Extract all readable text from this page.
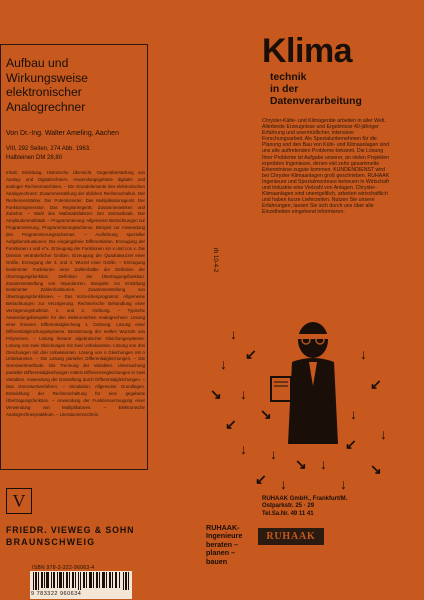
Aufbau und
Wirkungsweise
elektronischer
Analogrechner
Von Dr.-Ing. Walter Ameling, Aachen
VIII, 292 Seiten, 274 Abb. 1963.
Halbleinen DM 28,80
Inhalt: Einleitung. Historische Übersicht. Gegenüberstellung von Analog- und Digitalrechnern. Anwendungsgebiete digitaler und analoger Rechenmaschinen. – Die Grundelemente des elektronischen Analogrechners: Zusammenstellung der üblichen Rechenschaltun. Der Rechenverstärker. Der Potentiometer. Das Multiplikationsgerät. Der Funktionsgenerator. Das Registriergerät. Zusammenwirken und Zubehör. – Wahl des Maßstabsfaktors: Der Zeitmaßstab. Der Amplitudenmaßstab. – Programmierung: Allgemeine Betrachtungen zur Programmierung. Programmierungsschema. Beispiel zur Anwendung des Programmierungsschemas. – Ausführung spezieller Aufgabensituationen: Die eingangsfreie Differentiation. Erzeugung der Funktionen x und e^x. Erzeugung der Funktionen sin x und cos x. Die Division veränderlicher Größen. Erzeugung der Quadratwurzel einer Größe. Erzeugung der 3. und 4. Wurzel einer Größe. – Erzeugung bestimmter Funktionen einer Zahlenhalbe der Definition der Übertragungsfunktion. Definition der Übertragungsfunktion. Zusammenstellung von Impedanzen. Beispiele zur Ermittlung bestimmter Zahlenfunktionen. Zusammenstellung von Übertragungsfunktionen. – Das Vorzeichenprogramm: Allgemeine Betrachtungen zur Verzögerung. Rechnerische Behandlung einer Verzögerungsfunktion 1. und 2. Ordnung. – Typische Anwendungsbeispiele für den elektronischen Analogrechner: Lösung einer linearen Differentialgleichung 1. Ordnung. Lösung einer Differentialgleichungssysteme. Bestimmung der reellen Wurzeln von Polynomen. – Lösung linearer algebraischer Gleichungssysteme. Lösung von zwei Gleichungen mit zwei Unbekannten. Lösung von drei Gleichungen mit drei Unbekannten. Lösung von n Gleichungen mit n Unbekannten. – Die Lösung partieller Differentialgleichungen. – Die Grenzwertmethode. Die Trennung der Variablen. Untersuchung partieller Differentialgleichungen mittels Differenzengleichungen in zwei Variablen. Anwendung der Darstellung durch Differentialgleichungen. – Das Grenzwertverfahren. – Simulation: Allgemeine Grundlagen. Entwicklung der Rechenschaltung für eine gegebene Übertragungsfunktion. – Anwendung der Funktionserzeugung einer Verwendung von Multiplikatoren. – Elektronische Analogrechnerpraktikum. – Literaturverzeichnis.
V
FRIEDR. VIEWEG & SOHN
BRAUNSCHWEIG
Klima
technik
in der
Datenverarbeitung
Chrysler-Kälte- und Klimageräte arbeiten in aller Welt. Allerbeste Erzeugnisse und Ergebnisse 40-jähriger Erfahrung und unermüdlicher, intensiver Forschungsarbeit. Als Spezialunternehmen für die Planung und den Bau von Kühl- und Klimaanlagen sind uns alle auftretenden Probleme bekannt. Die Lösung Ihrer Probleme ist Aufgabe unserer, an vielen Projekten erprobten Ingenieure, denen viel zehn gesammelte Erkenntnisse zugute kommen. KUNDENDIENST wird bei Chrysler-Klimaanlagen groß geschrieben. RUHAAK Ingenieure und Spezialmonteure betreuen in Wirtschaft und Industrie eine Vielzahl von Anlagen. Chrysler-Klimaanlagen sind unentgeltlich, arbeiten wirtschaftlich und haben kurze Lieferzeiten. Nutzen Sie unsere Erfahrungen, lassen Sie sich durch uns über alle Einzelheiten eingehend informieren.
rh 10-4-2
↓
↙
↓
↘ ↓
↘
↙
↓ ↓
↘ ↓
↙
↓
↙
↓
↓
↘
↙ ↓	↓
RUHAAK GmbH., Frankfurt/M.
Ostparkstr. 25 · 29
Tel.Sa.Nr. 49 11 41
RUHAAK-
Ingenieure
beraten –
planen –
bauen
RUHAAK
ISBN 978-3-322-96063-4
9 783322 960634
